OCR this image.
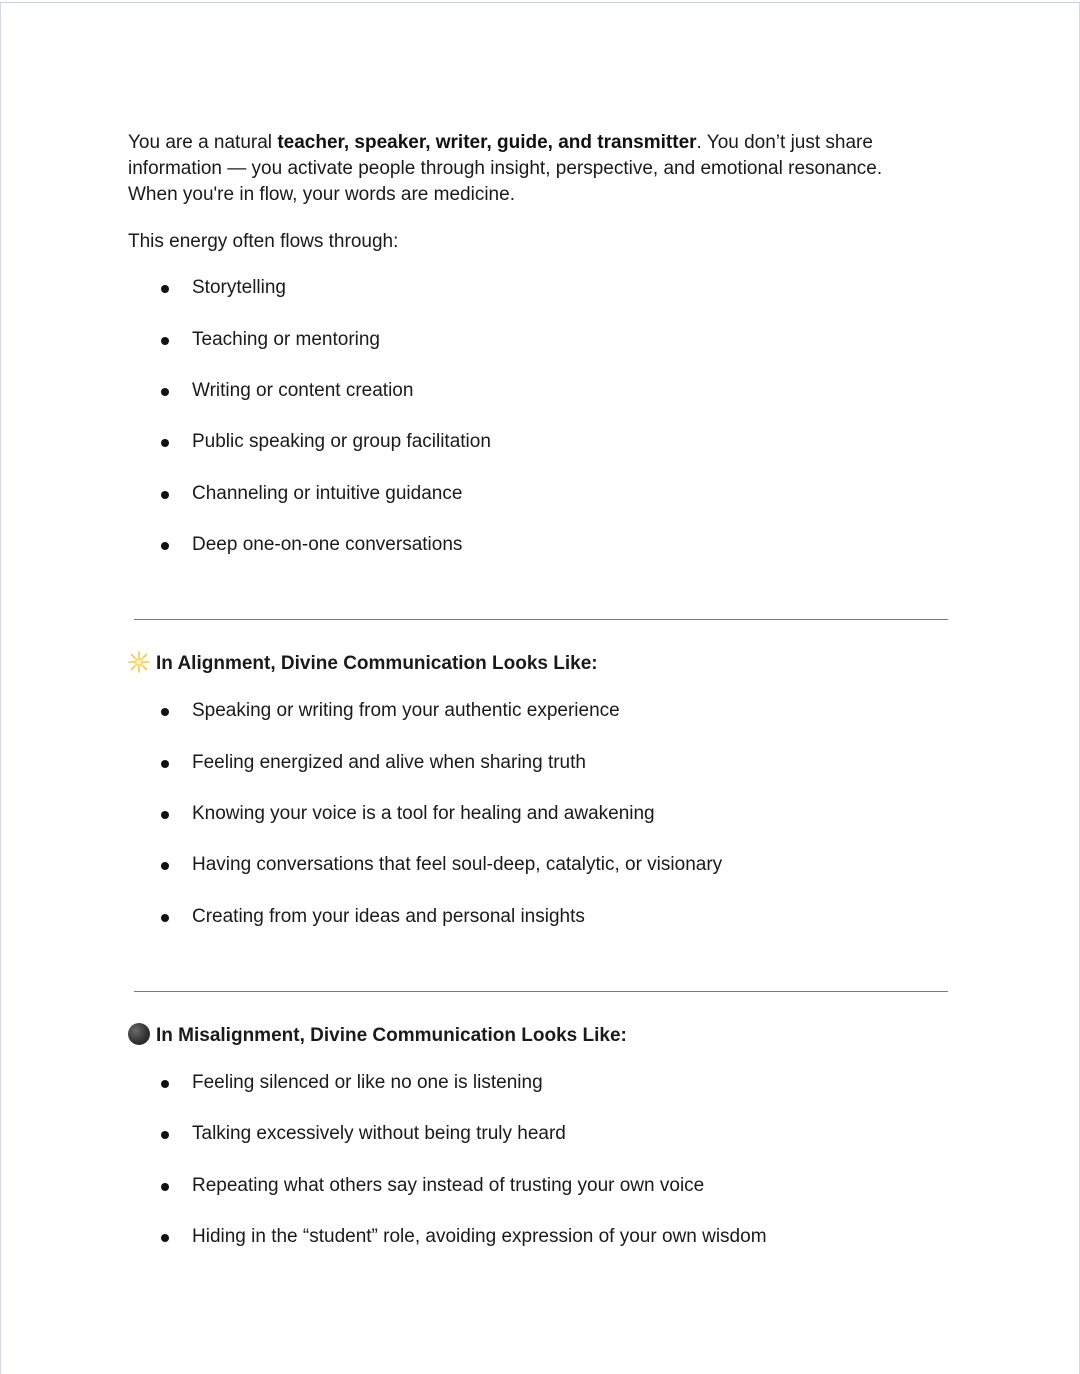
You are a natural teacher, speaker, writer, guide, and transmitter. You don’t just share information — you activate people through insight, perspective, and emotional resonance. When you're in flow, your words are medicine.

This energy often flows through:

Storytelling
Teaching or mentoring
Writing or content creation
Public speaking or group facilitation
Channeling or intuitive guidance
Deep one-on-one conversations
In Alignment, Divine Communication Looks Like:
Speaking or writing from your authentic experience
Feeling energized and alive when sharing truth
Knowing your voice is a tool for healing and awakening
Having conversations that feel soul-deep, catalytic, or visionary
Creating from your ideas and personal insights
In Misalignment, Divine Communication Looks Like:
Feeling silenced or like no one is listening
Talking excessively without being truly heard
Repeating what others say instead of trusting your own voice
Hiding in the “student” role, avoiding expression of your own wisdom
